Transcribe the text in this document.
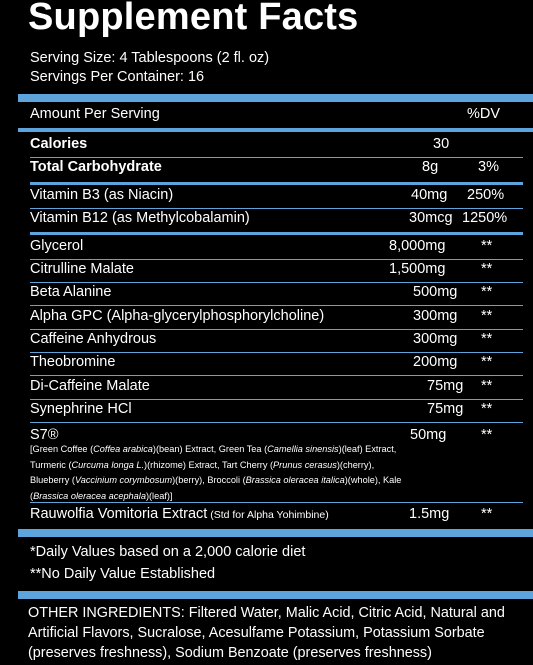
Supplement Facts
Serving Size: 4 Tablespoons (2 fl. oz)
Servings Per Container: 16
Amount Per Serving	%DV
Calories	30
Total Carbohydrate	8g	3%
Vitamin B3 (as Niacin)	40mg 250%
Vitamin B12 (as Methylcobalamin)	30mcg 1250%
Glycerol	8,000mg **
Citrulline Malate	1,500mg **
Beta Alanine	500mg **
Alpha GPC (Alpha-glycerylphosphorylcholine)	300mg **
Caffeine Anhydrous	300mg **
Theobromine	200mg **
Di-Caffeine Malate	75mg **
Synephrine HCl	75mg **
S7®	50mg **
[Green Coffee (Coffea arabica)(bean) Extract, Green Tea (Camellia sinensis)(leaf) Extract, Turmeric (Curcuma longa L.)(rhizome) Extract, Tart Cherry (Prunus cerasus)(cherry), Blueberry (Vaccinium corymbosum)(berry), Broccoli (Brassica oleracea italica)(whole), Kale (Brassica oleracea acephala)(leaf)]
Rauwolfia Vomitoria Extract (Std for Alpha Yohimbine)	1.5mg **
*Daily Values based on a 2,000 calorie diet
**No Daily Value Established
OTHER INGREDIENTS: Filtered Water, Malic Acid, Citric Acid, Natural and Artificial Flavors, Sucralose, Acesulfame Potassium, Potassium Sorbate (preserves freshness), Sodium Benzoate (preserves freshness)
